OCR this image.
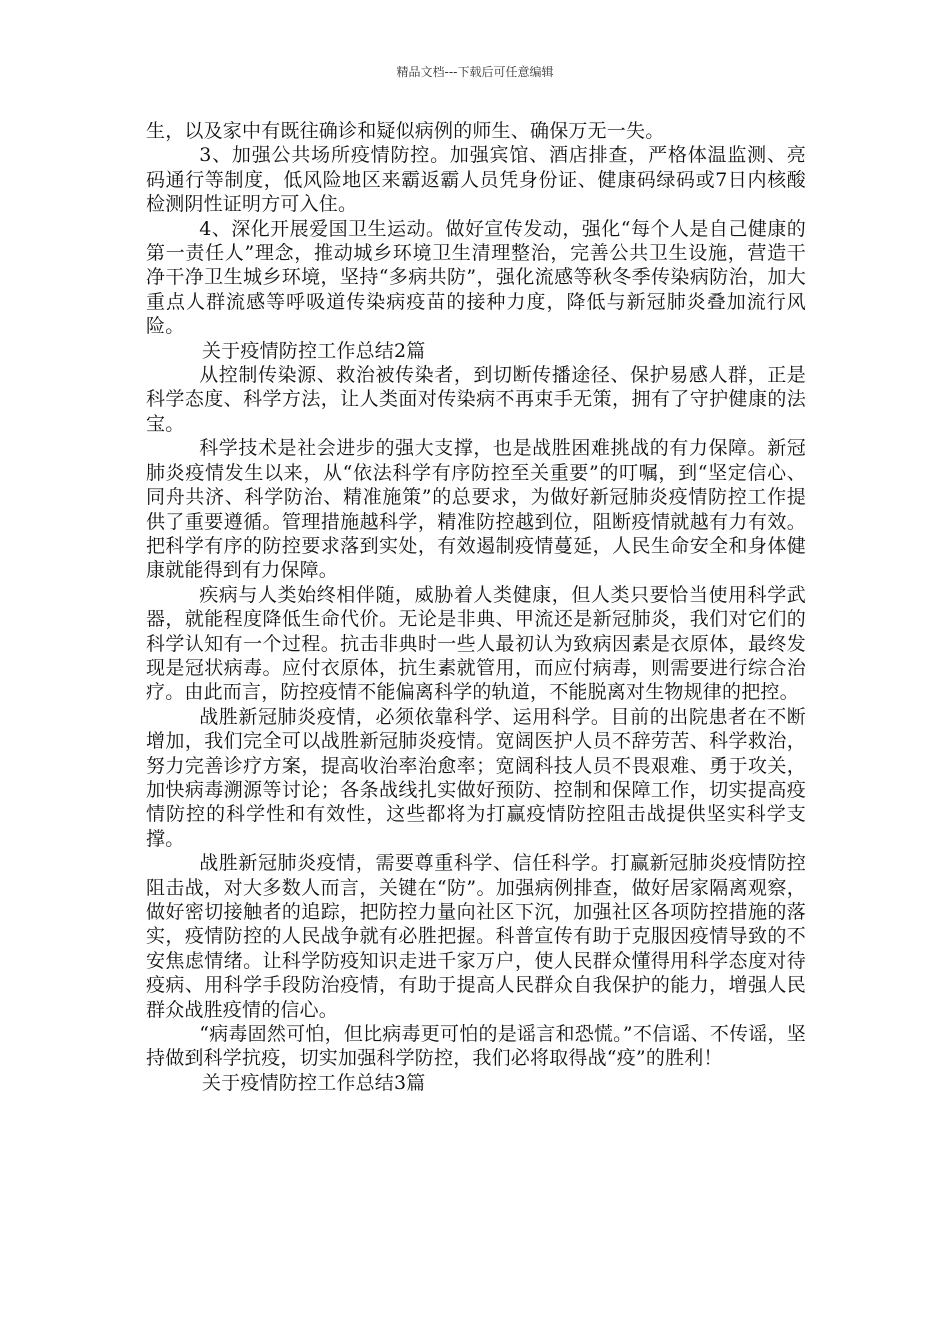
精品文档---下载后可任意编辑

生，以及家中有既往确诊和疑似病例的师生、确保万无一失。

3、加强公共场所疫情防控。加强宾馆、酒店排查，严格体温监测、亮码通行等制度，低风险地区来霸返霸人员凭身份证、健康码绿码或7日内核酸检测阴性证明方可入住。

4、深化开展爱国卫生运动。做好宣传发动，强化“每个人是自己健康的第一责任人”理念，推动城乡环境卫生清理整治，完善公共卫生设施，营造干净干净卫生城乡环境，坚持“多病共防”，强化流感等秋冬季传染病防治，加大重点人群流感等呼吸道传染病疫苗的接种力度，降低与新冠肺炎叠加流行风险。

关于疫情防控工作总结2篇

从控制传染源、救治被传染者，到切断传播途径、保护易感人群，正是科学态度、科学方法，让人类面对传染病不再束手无策，拥有了守护健康的法宝。

科学技术是社会进步的强大支撑，也是战胜困难挑战的有力保障。新冠肺炎疫情发生以来，从“依法科学有序防控至关重要”的叮嘱，到“坚定信心、同舟共济、科学防治、精准施策”的总要求，为做好新冠肺炎疫情防控工作提供了重要遵循。管理措施越科学，精准防控越到位，阻断疫情就越有力有效。把科学有序的防控要求落到实处，有效遏制疫情蔓延，人民生命安全和身体健康就能得到有力保障。

疾病与人类始终相伴随，威胁着人类健康，但人类只要恰当使用科学武器，就能程度降低生命代价。无论是非典、甲流还是新冠肺炎，我们对它们的科学认知有一个过程。抗击非典时一些人最初认为致病因素是衣原体，最终发现是冠状病毒。应付衣原体，抗生素就管用，而应付病毒，则需要进行综合治疗。由此而言，防控疫情不能偏离科学的轨道，不能脱离对生物规律的把控。

战胜新冠肺炎疫情，必须依靠科学、运用科学。目前的出院患者在不断增加，我们完全可以战胜新冠肺炎疫情。宽阔医护人员不辞劳苦、科学救治，努力完善诊疗方案，提高收治率治愈率；宽阔科技人员不畏艰难、勇于攻关，加快病毒溯源等讨论；各条战线扎实做好预防、控制和保障工作，切实提高疫情防控的科学性和有效性，这些都将为打赢疫情防控阻击战提供坚实科学支撑。

战胜新冠肺炎疫情，需要尊重科学、信任科学。打赢新冠肺炎疫情防控阻击战，对大多数人而言，关键在“防”。加强病例排查，做好居家隔离观察，做好密切接触者的追踪，把防控力量向社区下沉，加强社区各项防控措施的落实，疫情防控的人民战争就有必胜把握。科普宣传有助于克服因疫情导致的不安焦虑情绪。让科学防疫知识走进千家万户，使人民群众懂得用科学态度对待疫病、用科学手段防治疫情，有助于提高人民群众自我保护的能力，增强人民群众战胜疫情的信心。

“病毒固然可怕，但比病毒更可怕的是谣言和恐慌。”不信谣、不传谣，坚持做到科学抗疫，切实加强科学防控，我们必将取得战“疫”的胜利！

关于疫情防控工作总结3篇
